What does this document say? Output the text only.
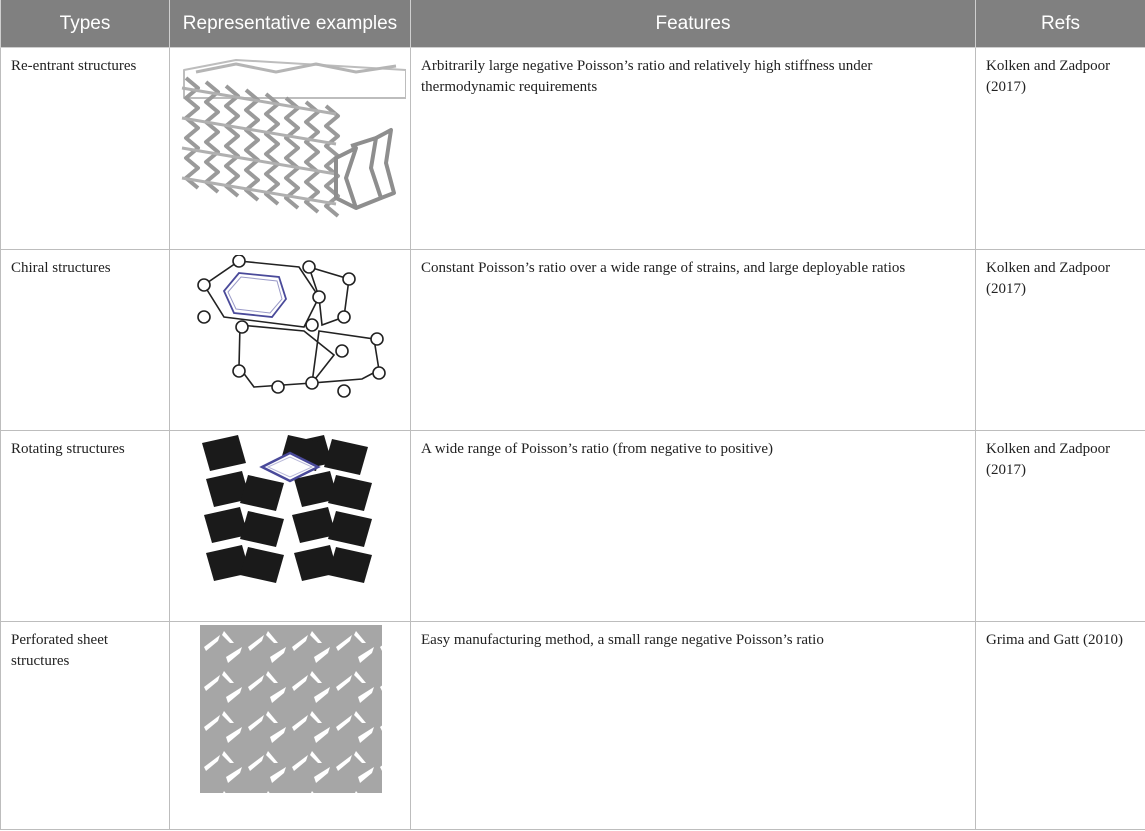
Types	Representative examples	Features	Refs
Re-entrant structures		Arbitrarily large negative Poisson’s ratio and relatively high stiffness under thermodynamic requirements	Kolken and Zadpoor (2017)
Chiral structures		Constant Poisson’s ratio over a wide range of strains, and large deployable ratios	Kolken and Zadpoor (2017)
Rotating structures		A wide range of Poisson’s ratio (from negative to positive)	Kolken and Zadpoor (2017)
Perforated sheet structures		Easy manufacturing method, a small range negative Poisson’s ratio	Grima and Gatt (2010)
